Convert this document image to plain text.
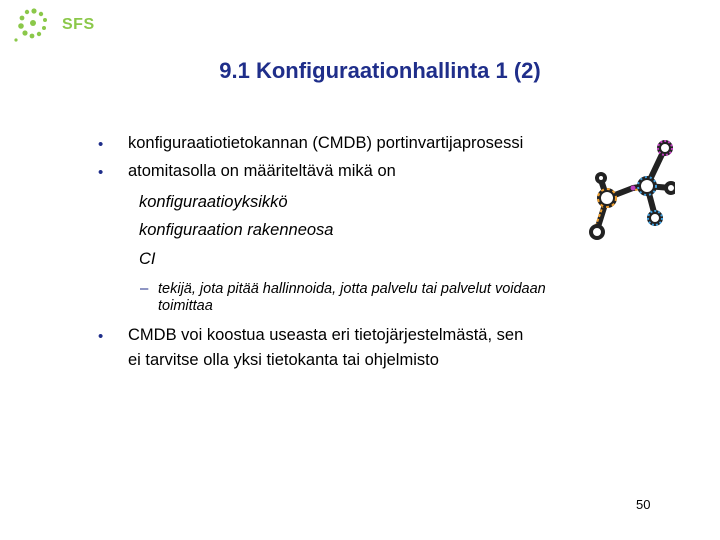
SFS
9.1 Konfiguraationhallinta 1 (2)
• konfiguraatiotietokannan (CMDB) portinvartijaprosessi
• atomitasolla on määriteltävä mikä on
konfiguraatioyksikkö
konfiguraation rakenneosa
CI
– tekijä, jota pitää hallinnoida, jotta palvelu tai palvelut voidaan
toimittaa
• CMDB voi koostua useasta eri tietojärjestelmästä, sen
ei tarvitse olla yksi tietokanta tai ohjelmisto
50
